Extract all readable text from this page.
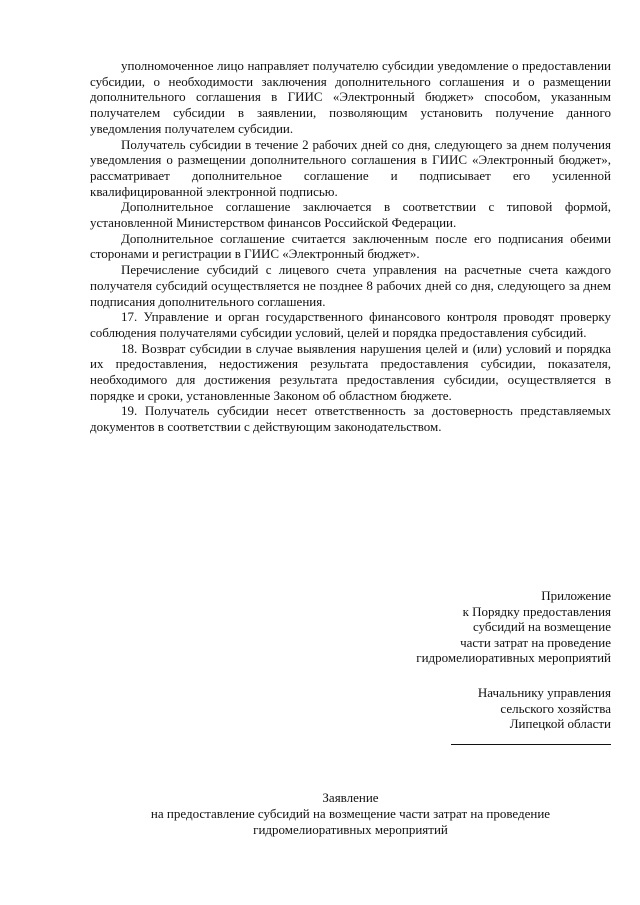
уполномоченное лицо направляет получателю субсидии уведомление о предоставлении субсидии, о необходимости заключения дополнительного соглашения и о размещении дополнительного соглашения в ГИИС «Электронный бюджет» способом, указанным получателем субсидии в заявлении, позволяющим установить получение данного уведомления получателем субсидии.

Получатель субсидии в течение 2 рабочих дней со дня, следующего за днем получения уведомления о размещении дополнительного соглашения в ГИИС «Электронный бюджет», рассматривает дополнительное соглашение и подписывает его усиленной квалифицированной электронной подписью.

Дополнительное соглашение заключается в соответствии с типовой формой, установленной Министерством финансов Российской Федерации.

Дополнительное соглашение считается заключенным после его подписания обеими сторонами и регистрации в ГИИС «Электронный бюджет».

Перечисление субсидий с лицевого счета управления на расчетные счета каждого получателя субсидий осуществляется не позднее 8 рабочих дней со дня, следующего за днем подписания дополнительного соглашения.

17. Управление и орган государственного финансового контроля проводят проверку соблюдения получателями субсидии условий, целей и порядка предоставления субсидий.

18. Возврат субсидии в случае выявления нарушения целей и (или) условий и порядка их предоставления, недостижения результата предоставления субсидии, показателя, необходимого для достижения результата предоставления субсидии, осуществляется в порядке и сроки, установленные Законом об областном бюджете.

19. Получатель субсидии несет ответственность за достоверность представляемых документов в соответствии с действующим законодательством.

Приложение
к Порядку предоставления
субсидий на возмещение
части затрат на проведение
гидромелиоративных мероприятий
Начальнику управления
сельского хозяйства
Липецкой области
Заявление
на предоставление субсидий на возмещение части затрат на проведение
гидромелиоративных мероприятий
